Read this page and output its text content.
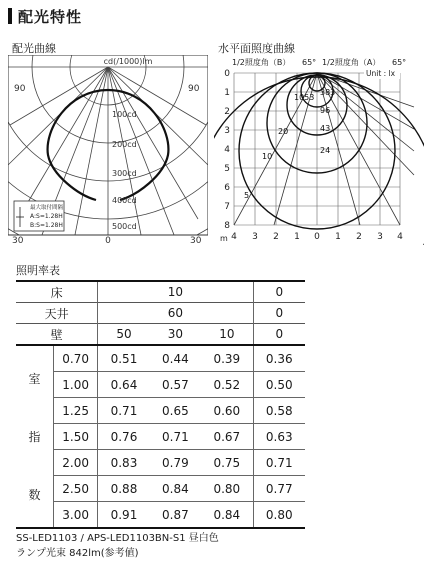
配光特性
配光曲線
cd(/1000)lm
90	90
30	30
0
100cd
200cd
300cd
400cd
500cd
最大取付間隔
A:S=1.28H
B:S=1.28H
水平面照度曲線
1/2照度角（B） 65° 1/2照度角（A） 65°
Unit : lx
0
1
2
3
4
5
6
7
8
4 3 2 1 0 1 2 3 4
m
383
1053
96
43
24
20
10
5
照明率表
床		10			0
天井		60			0
壁		50	30	10	0

室
指
数	0.70	0.51	0.44	0.39	0.36
	1.00	0.64	0.57	0.52	0.50
	1.25	0.71	0.65	0.60	0.58
	1.50	0.76	0.71	0.67	0.63
	2.00	0.83	0.79	0.75	0.71
	2.50	0.88	0.84	0.80	0.77
	3.00	0.91	0.87	0.84	0.80
SS-LED1103 / APS-LED1103BN-S1 昼白色
ランプ光束 842lm(参考値)
